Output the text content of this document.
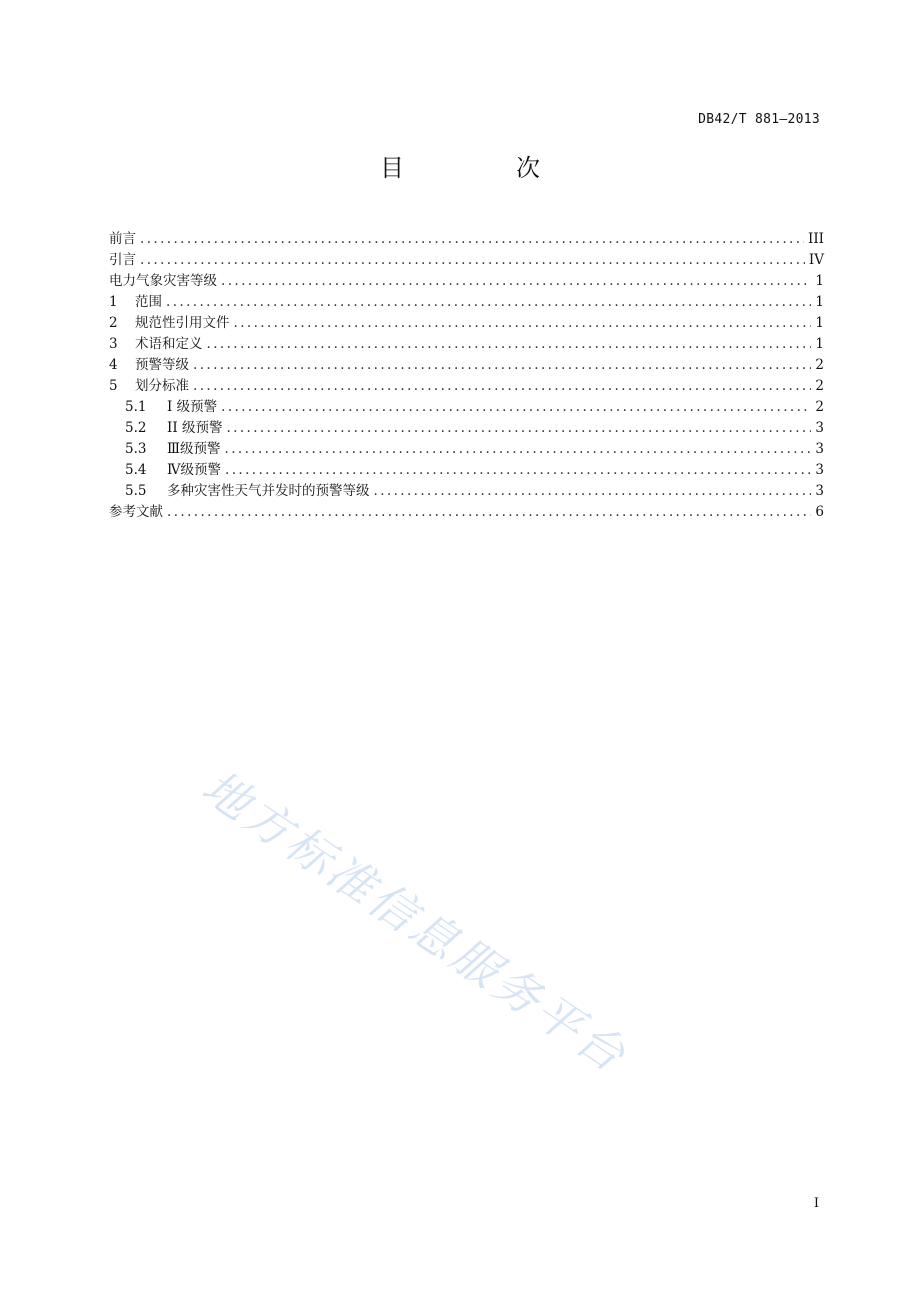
DB42/T 881—2013
目　次
前言 .....	III
引言 .....	IV
电力气象灾害等级 .....	1
1	范围 .....	1
2	规范性引用文件 .....	1
3	术语和定义 .....	1
4	预警等级 .....	2
5	划分标准 .....	2
5.1	I 级预警 .....	2
5.2	II 级预警 .....	3
5.3	Ⅲ级预警 .....	3
5.4	Ⅳ级预警 .....	3
5.5	多种灾害性天气并发时的预警等级 .....	3
参考文献 .....	6
地方标准信息服务平台
I
